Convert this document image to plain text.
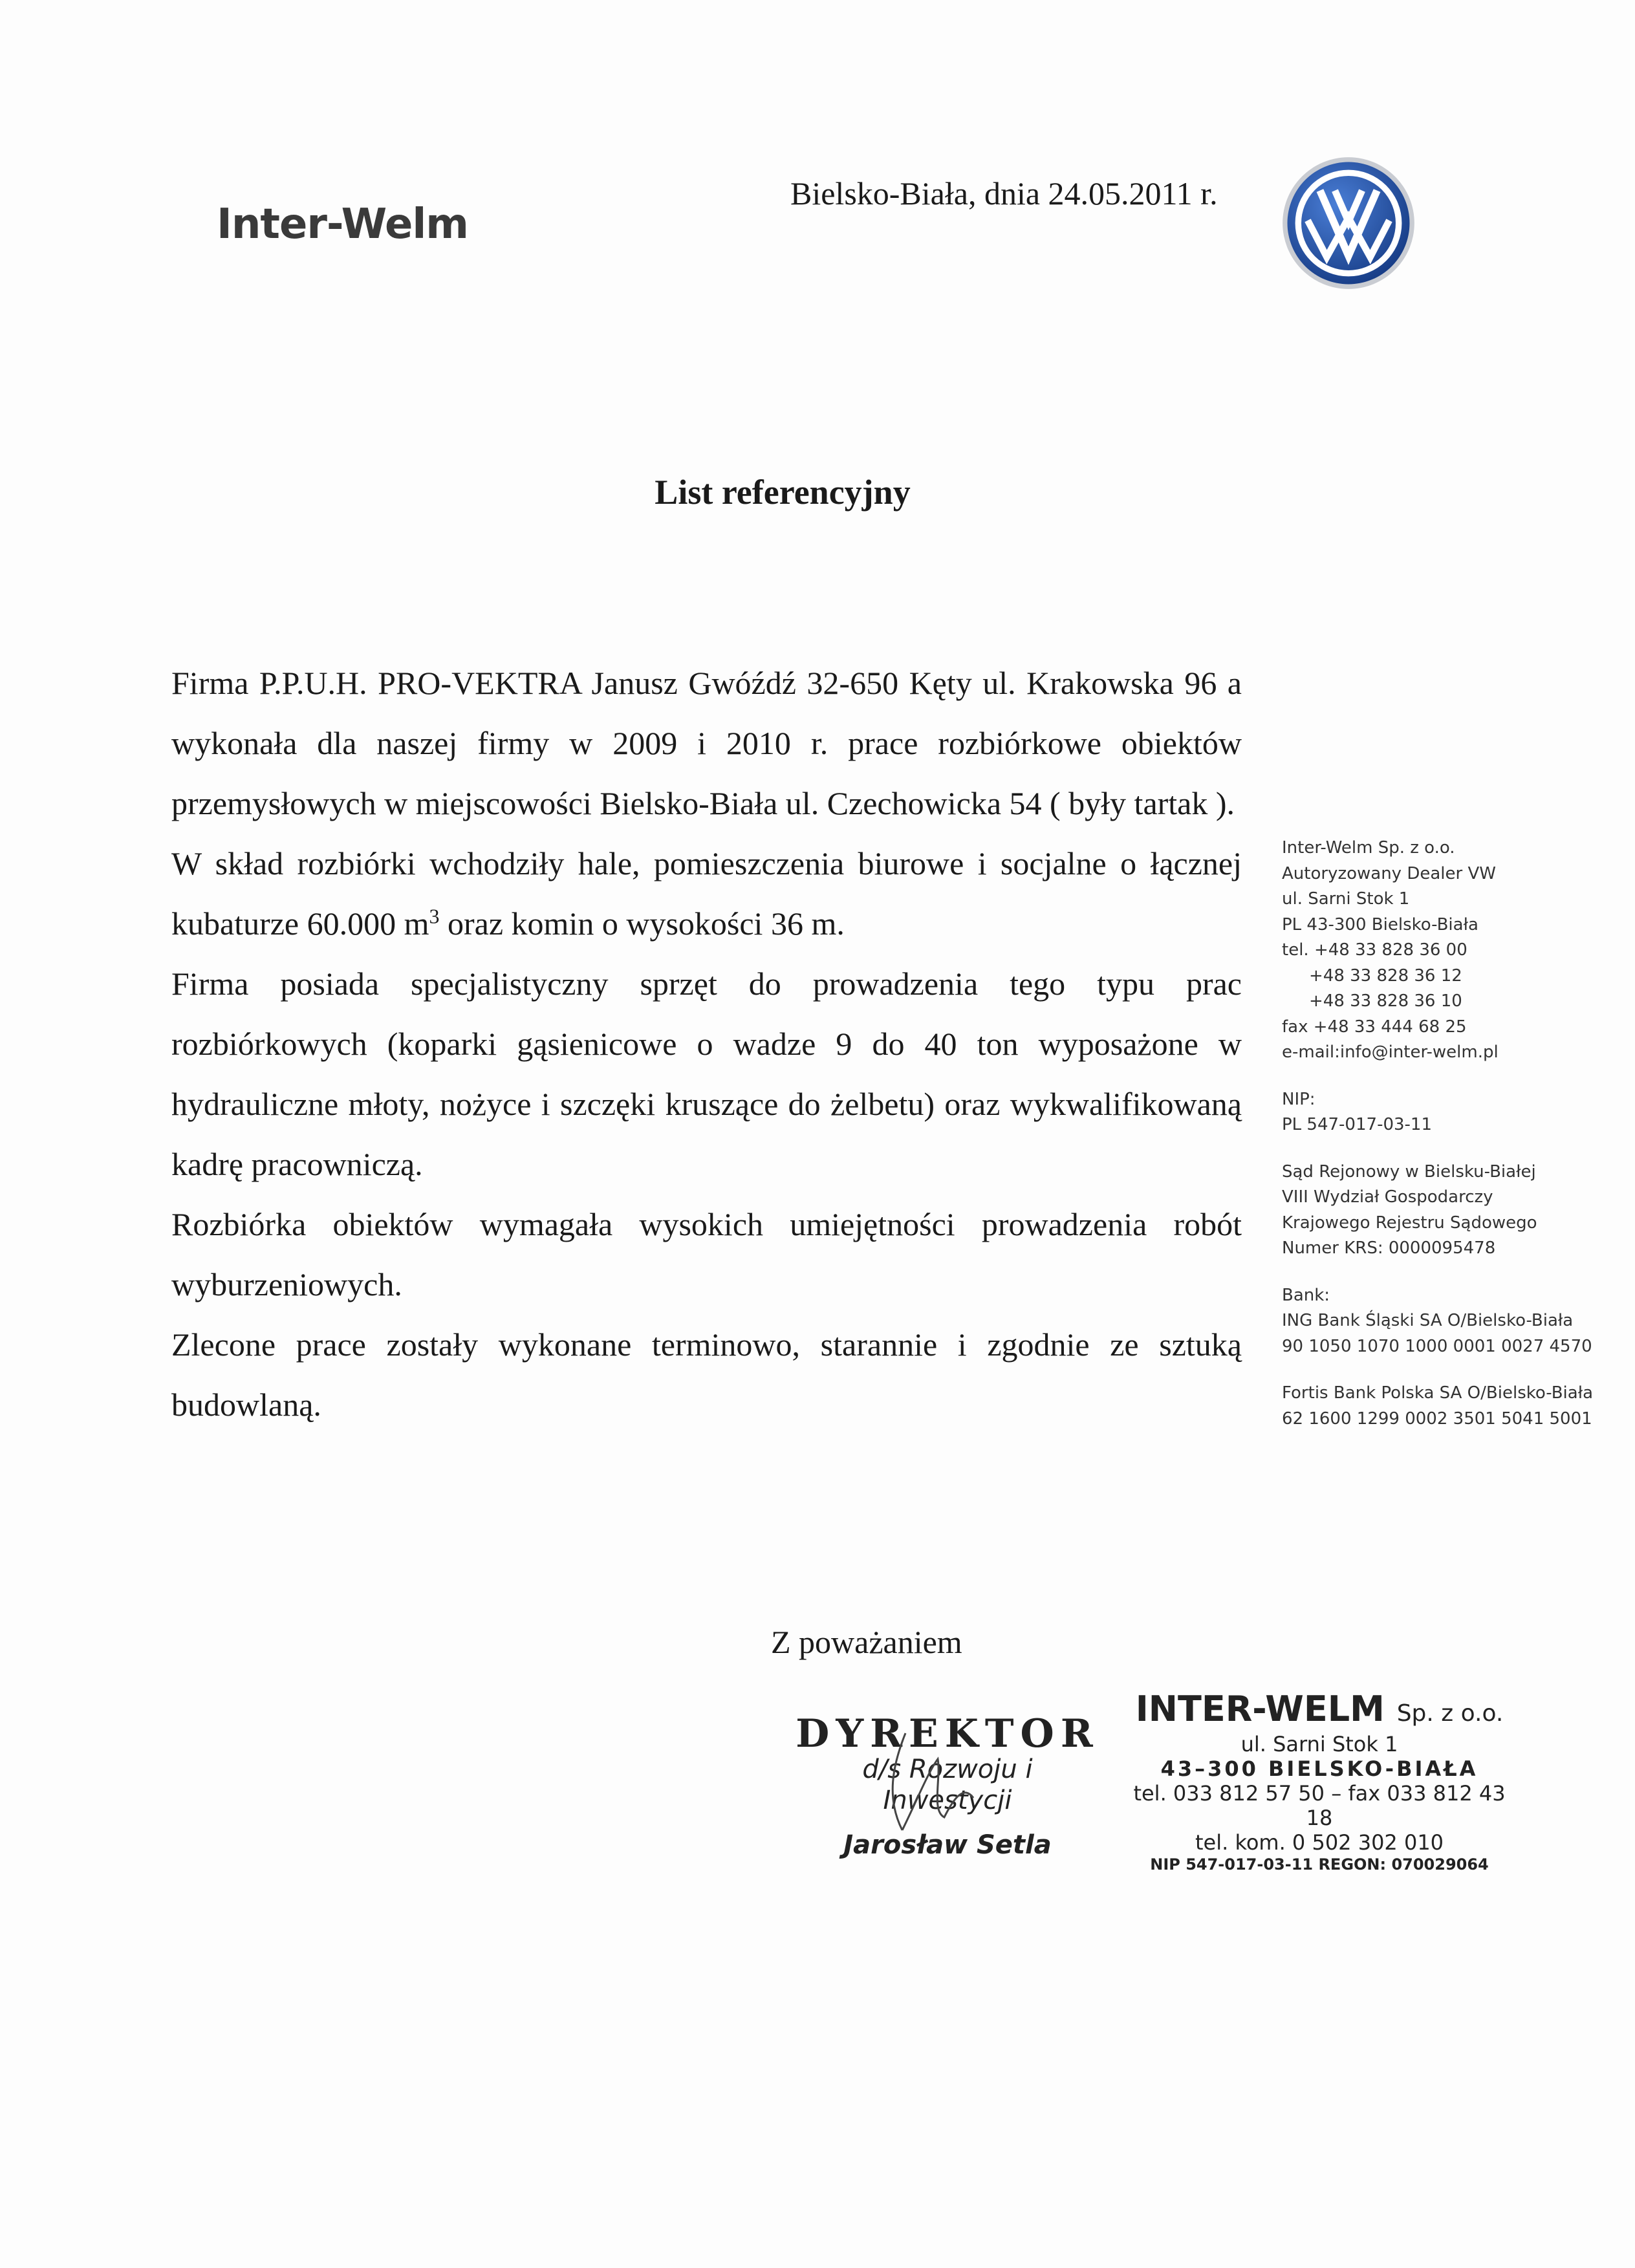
Inter-Welm
Bielsko-Biała, dnia 24.05.2011 r.
List referencyjny

Firma P.P.U.H. PRO-VEKTRA Janusz Gwóźdź 32-650 Kęty ul. Krakowska 96 a wykonała dla naszej firmy w 2009 i 2010 r. prace rozbiórkowe obiektów przemysłowych w miejscowości Bielsko-Biała ul. Czechowicka 54 ( były tartak ).

W skład rozbiórki wchodziły hale, pomieszczenia biurowe i socjalne o łącznej kubaturze 60.000 $m^3$ oraz komin o wysokości 36 m.

Firma posiada specjalistyczny sprzęt do prowadzenia tego typu prac rozbiórkowych (koparki gąsienicowe o wadze 9 do 40 ton wyposażone w hydrauliczne młoty, nożyce i szczęki kruszące do żelbetu) oraz wykwalifikowaną kadrę pracowniczą.

Rozbiórka obiektów wymagała wysokich umiejętności prowadzenia robót wyburzeniowych.

Zlecone prace zostały wykonane terminowo, starannie i zgodnie ze sztuką budowlaną.

Inter-Welm Sp. z o.o.
Autoryzowany Dealer VW
ul. Sarni Stok 1
PL 43-300 Bielsko-Biała
tel. +48 33 828 36 00
+48 33 828 36 12
+48 33 828 36 10
fax +48 33 444 68 25
e-mail:info@inter-welm.pl
NIP:
PL 547-017-03-11
Sąd Rejonowy w Bielsku-Białej
VIII Wydział Gospodarczy
Krajowego Rejestru Sądowego
Numer KRS: 0000095478
Bank:
ING Bank Śląski SA O/Bielsko-Biała
90 1050 1070 1000 0001 0027 4570
Fortis Bank Polska SA O/Bielsko-Biała
62 1600 1299 0002 3501 5041 5001
Z poważaniem
DYREKTOR
d/s Rozwoju i Inwestycji
Jarosław Setla
INTER-WELM Sp. z o.o.
ul. Sarni Stok 1
43–300 BIELSKO-BIAŁA
tel. 033 812 57 50 – fax 033 812 43 18
tel. kom. 0 502 302 010
NIP 547-017-03-11 REGON: 070029064
